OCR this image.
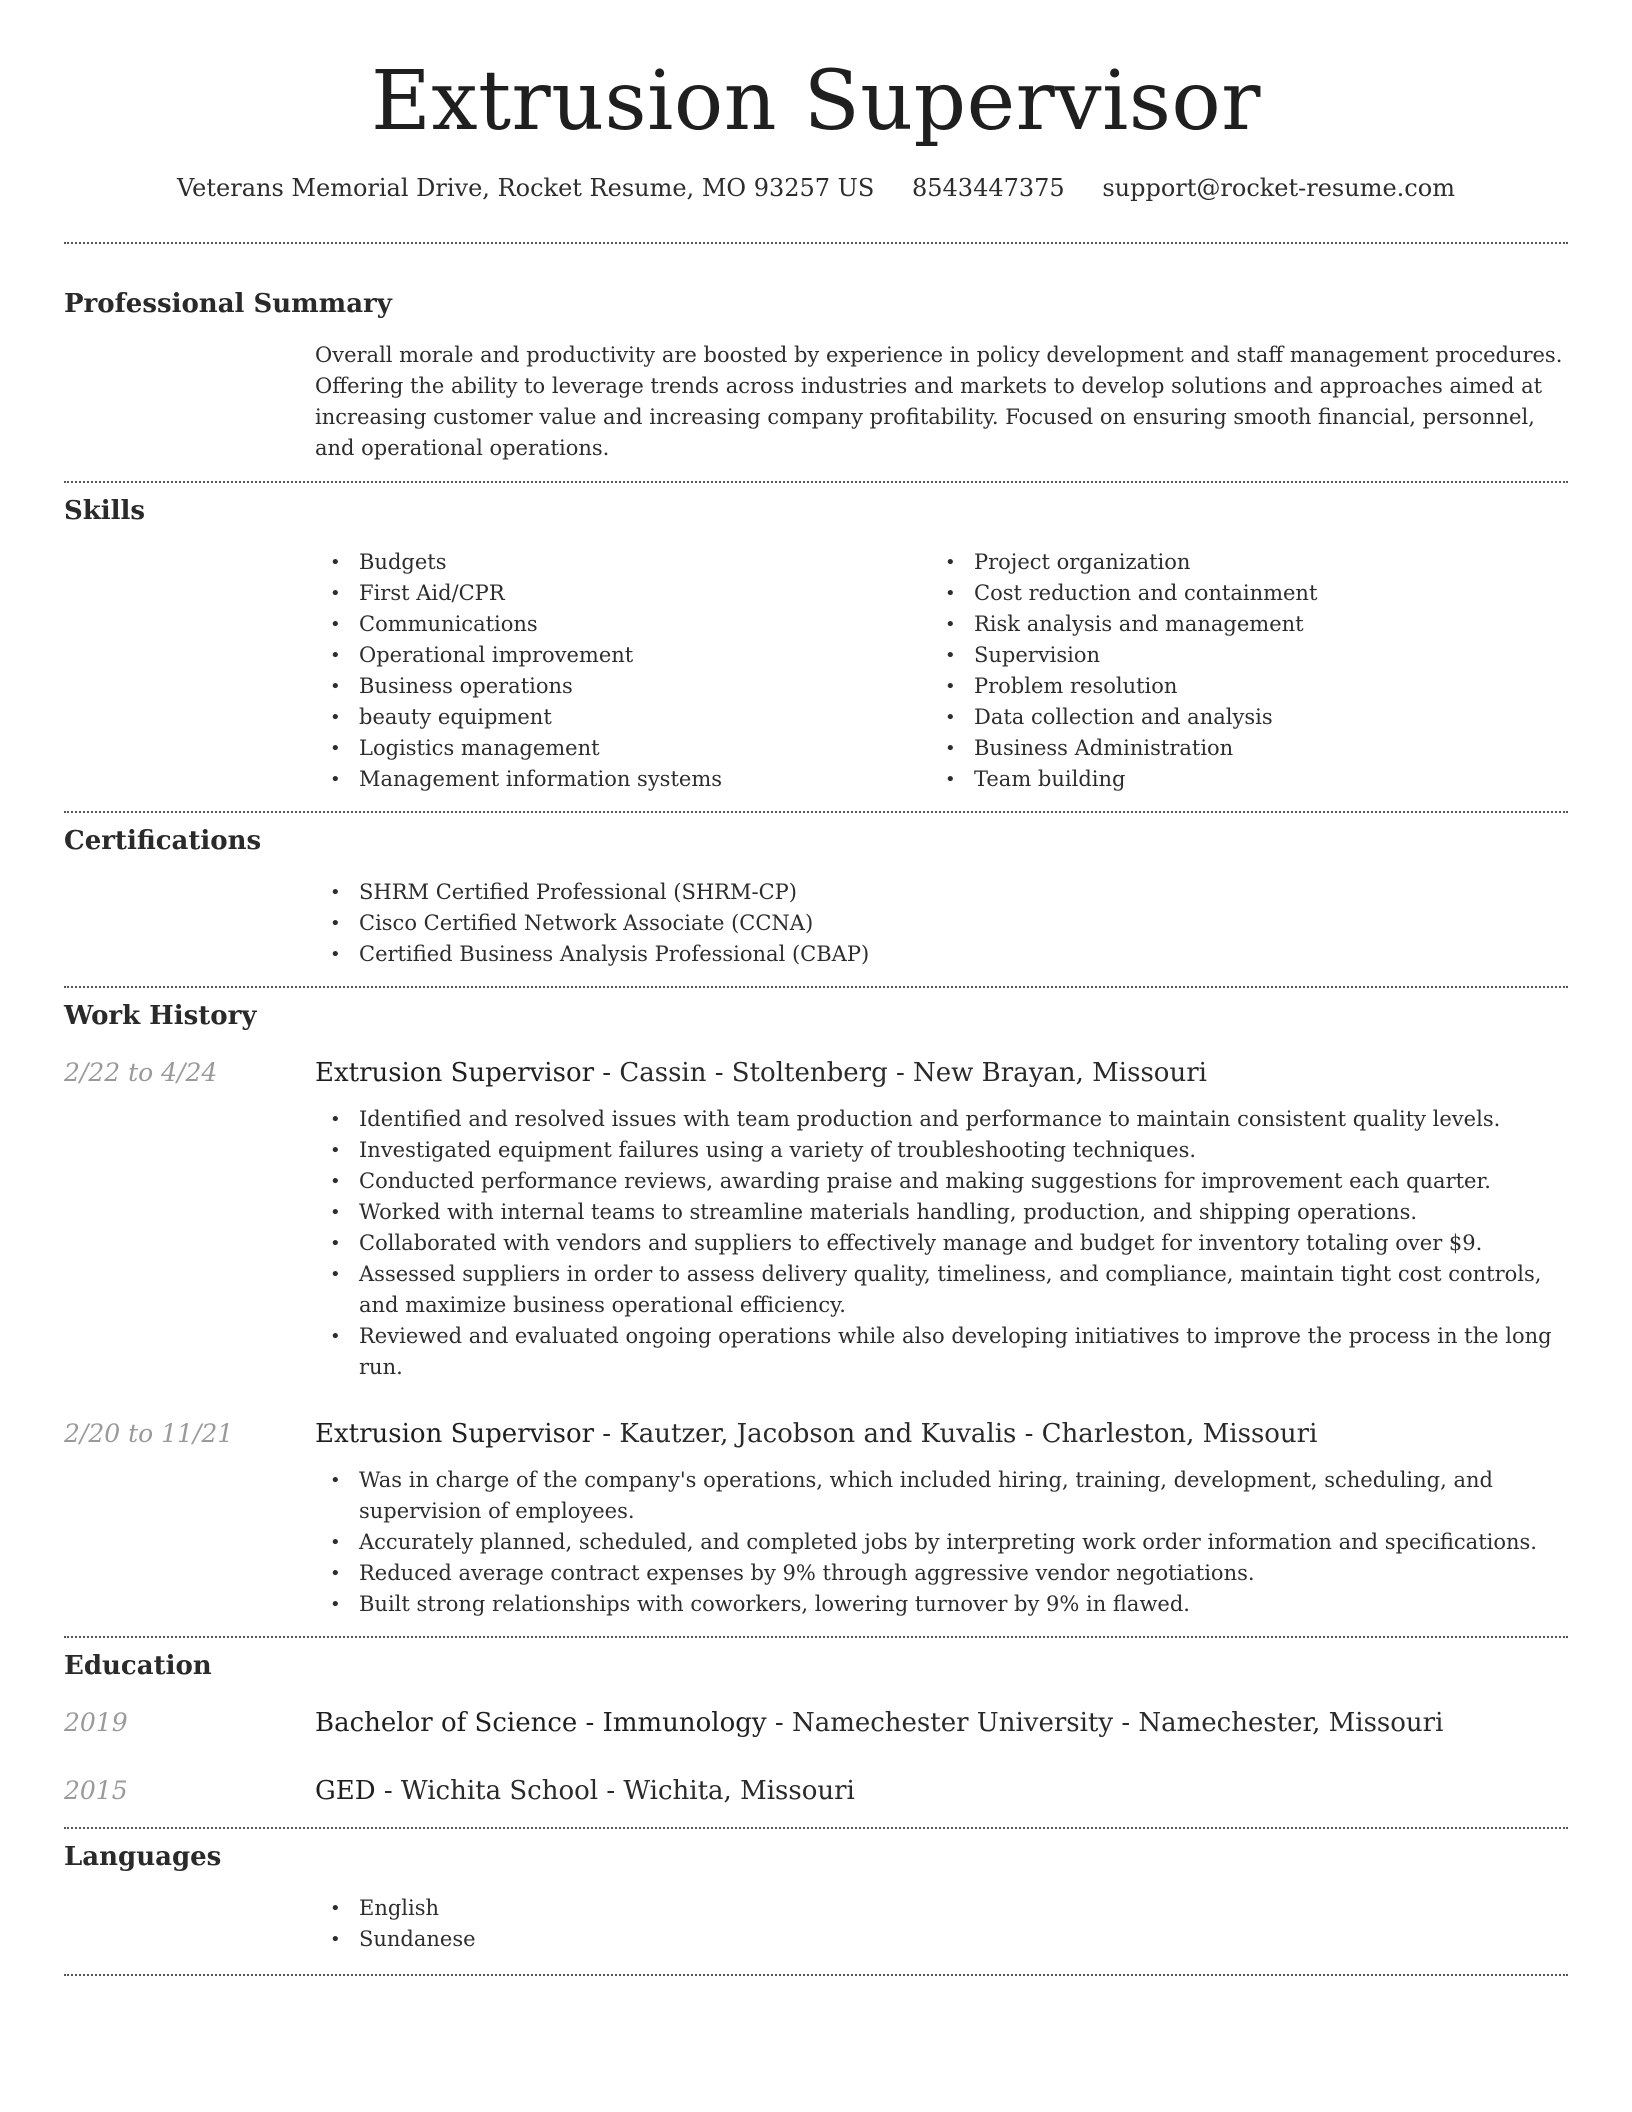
Extrusion Supervisor
Veterans Memorial Drive, Rocket Resume, MO 93257 US 8543447375 support@rocket-resume.com
Professional Summary

Overall morale and productivity are boosted by experience in policy development and staff management procedures. Offering the ability to leverage trends across industries and markets to develop solutions and approaches aimed at increasing customer value and increasing company profitability. Focused on ensuring smooth financial, personnel, and operational operations.

Skills
• Budgets
• First Aid/CPR
• Communications
• Operational improvement
• Business operations
• beauty equipment
• Logistics management
• Management information systems
• Project organization
• Cost reduction and containment
• Risk analysis and management
• Supervision
• Problem resolution
• Data collection and analysis
• Business Administration
• Team building
Certifications
• SHRM Certified Professional (SHRM-CP)
• Cisco Certified Network Associate (CCNA)
• Certified Business Analysis Professional (CBAP)
Work History
2/22 to 4/24	Extrusion Supervisor - Cassin - Stoltenberg - New Brayan, Missouri
• Identified and resolved issues with team production and performance to maintain consistent quality levels.
• Investigated equipment failures using a variety of troubleshooting techniques.
• Conducted performance reviews, awarding praise and making suggestions for improvement each quarter.
• Worked with internal teams to streamline materials handling, production, and shipping operations.
• Collaborated with vendors and suppliers to effectively manage and budget for inventory totaling over $9.
• Assessed suppliers in order to assess delivery quality, timeliness, and compliance, maintain tight cost controls, and maximize business operational efficiency.
• Reviewed and evaluated ongoing operations while also developing initiatives to improve the process in the long run.
2/20 to 11/21	Extrusion Supervisor - Kautzer, Jacobson and Kuvalis - Charleston, Missouri
• Was in charge of the company's operations, which included hiring, training, development, scheduling, and supervision of employees.
• Accurately planned, scheduled, and completed jobs by interpreting work order information and specifications.
• Reduced average contract expenses by 9% through aggressive vendor negotiations.
• Built strong relationships with coworkers, lowering turnover by 9% in flawed.
Education
2019	Bachelor of Science - Immunology - Namechester University - Namechester, Missouri
2015	GED - Wichita School - Wichita, Missouri
Languages
• English
• Sundanese
